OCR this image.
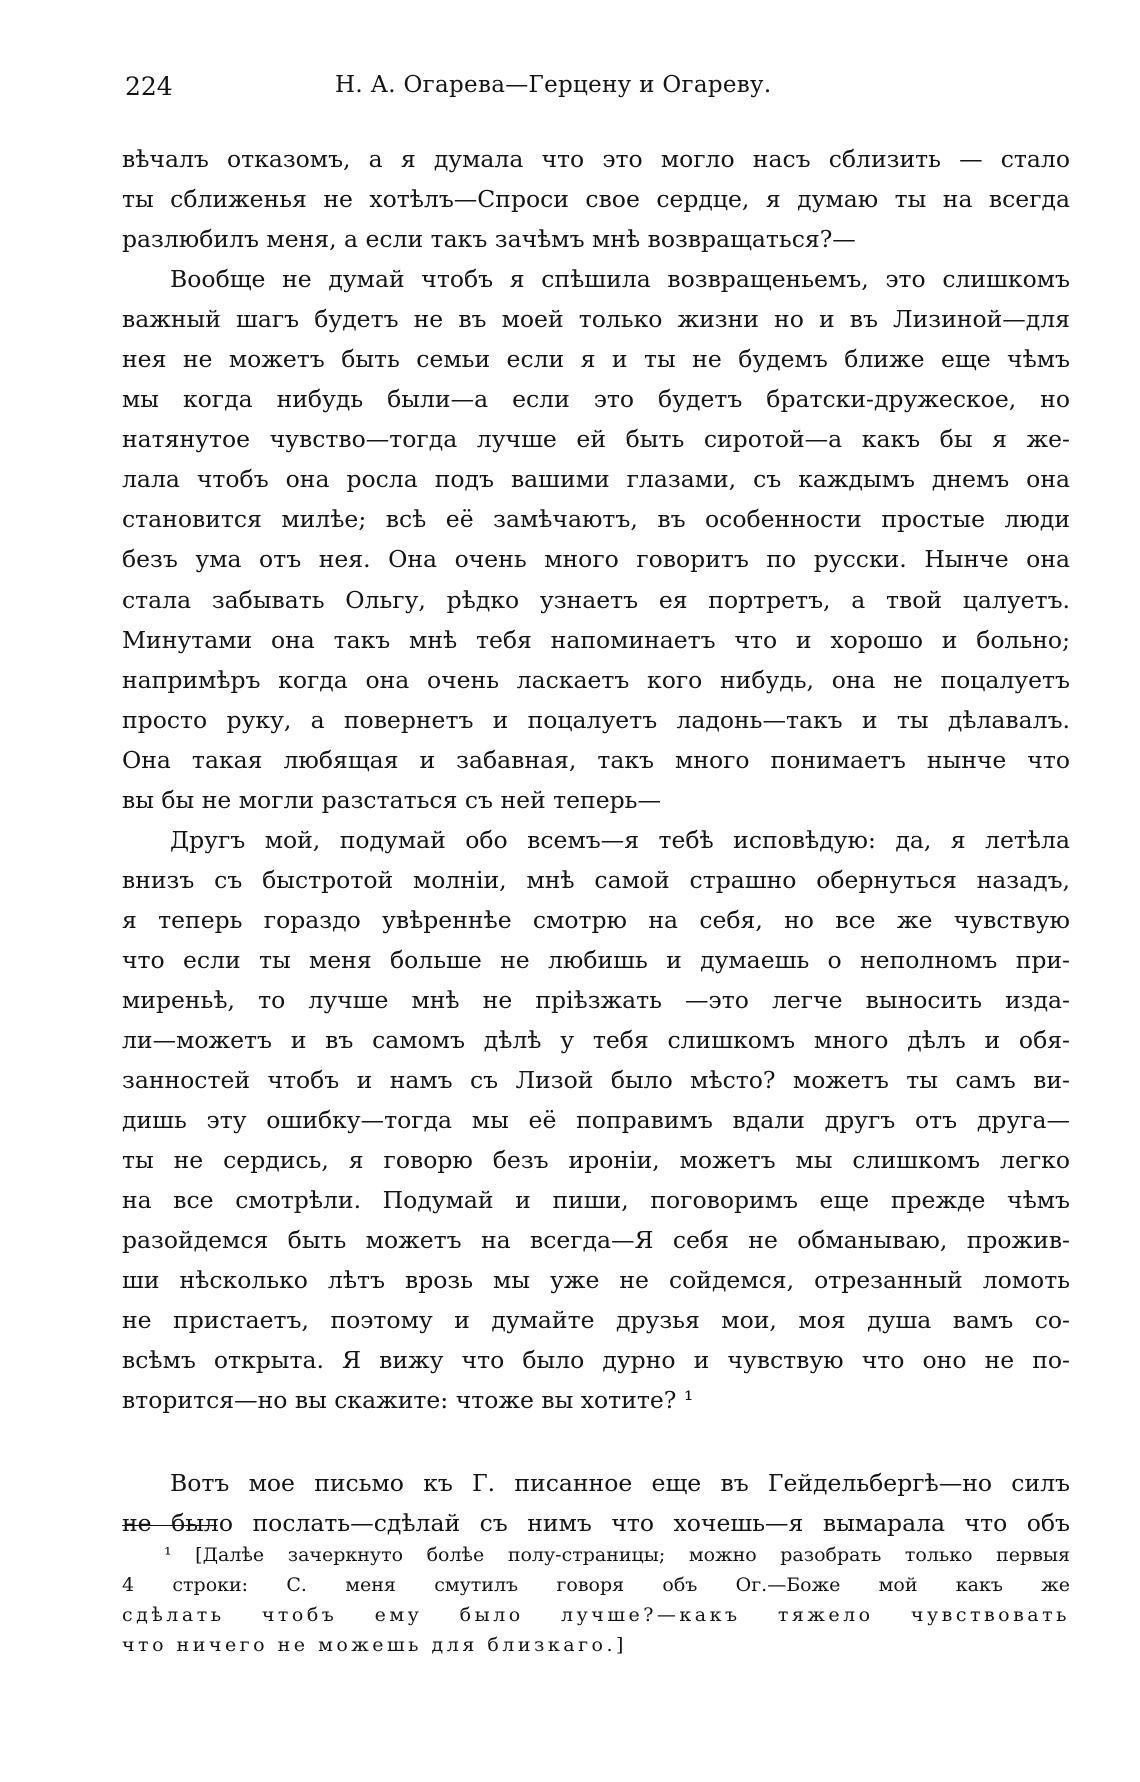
224	Н. А. Огарева—Герцену и Огареву.
вѣчалъ отказомъ, а я думала что это могло насъ сблизить — стало
ты сближенья не хотѣлъ—Спроси свое сердце, я думаю ты на всегда
разлюбилъ меня, а если такъ зачѣмъ мнѣ возвращаться?—
Вообще не думай чтобъ я спѣшила возвращеньемъ, это слишкомъ
важный шагъ будетъ не въ моей только жизни но и въ Лизиной—для
нея не можетъ быть семьи если я и ты не будемъ ближе еще чѣмъ
мы когда нибудь были—а если это будетъ братски-дружеское, но
натянутое чувство—тогда лучше ей быть сиротой—а какъ бы я же-
лала чтобъ она росла подъ вашими глазами, съ каждымъ днемъ она
становится милѣе; всѣ её замѣчаютъ, въ особенности простые люди
безъ ума отъ нея. Она очень много говоритъ по русски. Нынче она
стала забывать Ольгу, рѣдко узнаетъ ея портретъ, а твой цалуетъ.
Минутами она такъ мнѣ тебя напоминаетъ что и хорошо и больно;
напримѣръ когда она очень ласкаетъ кого нибудь, она не поцалуетъ
просто руку, а повернетъ и поцалуетъ ладонь—такъ и ты дѣлавалъ.
Она такая любящая и забавная, такъ много понимаетъ нынче что
вы бы не могли разстаться съ ней теперь—
Другъ мой, подумай обо всемъ—я тебѣ исповѣдую: да, я летѣла
внизъ съ быстротой молніи, мнѣ самой страшно обернуться назадъ,
я теперь гораздо увѣреннѣе смотрю на себя, но все же чувствую
что если ты меня больше не любишь и думаешь о неполномъ при-
миреньѣ, то лучше мнѣ не пріѣзжать —это легче выносить изда-
ли—можетъ и въ самомъ дѣлѣ у тебя слишкомъ много дѣлъ и обя-
занностей чтобъ и намъ съ Лизой было мѣсто? можетъ ты самъ ви-
дишь эту ошибку—тогда мы её поправимъ вдали другъ отъ друга—
ты не сердись, я говорю безъ ироніи, можетъ мы слишкомъ легко
на все смотрѣли. Подумай и пиши, поговоримъ еще прежде чѣмъ
разойдемся быть можетъ на всегда—Я себя не обманываю, прожив-
ши нѣсколько лѣтъ врозь мы уже не сойдемся, отрезанный ломоть
не пристаетъ, поэтому и думайте друзья мои, моя душа вамъ со-
всѣмъ открыта. Я вижу что было дурно и чувствую что оно не по-
вторится—но вы скажите: чтоже вы хотите? ¹
Вотъ мое письмо къ Г. писанное еще въ Гейдельбергѣ—но силъ
не было послать—сдѣлай съ нимъ что хочешь—я вымарала что объ
¹ [Далѣе зачеркнуто болѣе полу-страницы; можно разобрать только первыя
4 строки: С. меня смутилъ говоря объ Ог.—Боже мой какъ же
сдѣлать чтобъ ему было лучше?—какъ тяжело чувствовать
что ничего не можешь для близкаго.]
